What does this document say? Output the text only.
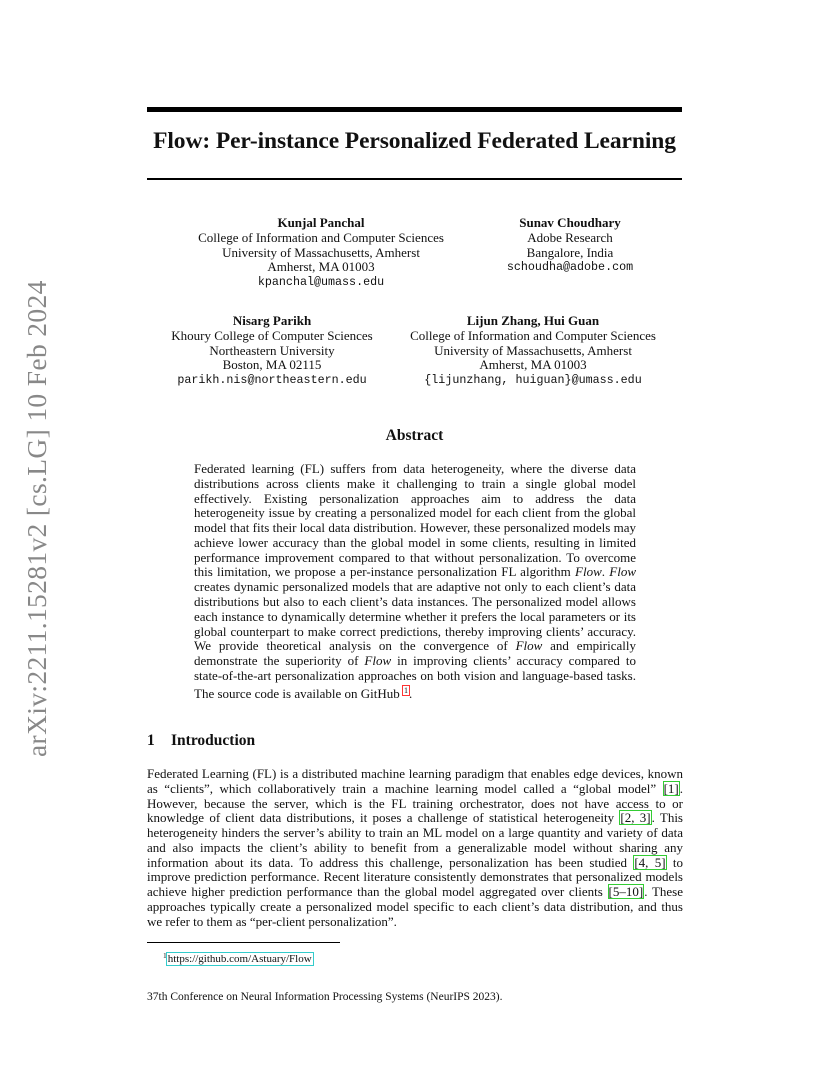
arXiv:2211.15281v2 [cs.LG] 10 Feb 2024
Flow: Per-instance Personalized Federated Learning
Kunjal Panchal
College of Information and Computer Sciences
University of Massachusetts, Amherst
Amherst, MA 01003
kpanchal@umass.edu
Sunav Choudhary
Adobe Research
Bangalore, India
schoudha@adobe.com
Nisarg Parikh
Khoury College of Computer Sciences
Northeastern University
Boston, MA 02115
parikh.nis@northeastern.edu
Lijun Zhang, Hui Guan
College of Information and Computer Sciences
University of Massachusetts, Amherst
Amherst, MA 01003
{lijunzhang, huiguan}@umass.edu
Abstract

Federated learning (FL) suffers from data heterogeneity, where the diverse data distributions across clients make it challenging to train a single global model effectively. Existing personalization approaches aim to address the data heterogeneity issue by creating a personalized model for each client from the global model that fits their local data distribution. However, these personalized models may achieve lower accuracy than the global model in some clients, resulting in limited performance improvement compared to that without personalization. To overcome this limitation, we propose a per-instance personalization FL algorithm Flow. Flow creates dynamic personalized models that are adaptive not only to each client’s data distributions but also to each client’s data instances. The personalized model allows each instance to dynamically determine whether it prefers the local parameters or its global counterpart to make correct predictions, thereby improving clients’ accuracy. We provide theoretical analysis on the convergence of Flow and empirically demonstrate the superiority of Flow in improving clients’ accuracy compared to state-of-the-art personalization approaches on both vision and language-based tasks. The source code is available on GitHub $^1$.

1 Introduction

Federated Learning (FL) is a distributed machine learning paradigm that enables edge devices, known as “clients”, which collaboratively train a machine learning model called a “global model” [1]. However, because the server, which is the FL training orchestrator, does not have access to or knowledge of client data distributions, it poses a challenge of statistical heterogeneity [2, 3]. This heterogeneity hinders the server’s ability to train an ML model on a large quantity and variety of data and also impacts the client’s ability to benefit from a generalizable model without sharing any information about its data. To address this challenge, personalization has been studied [4, 5] to improve prediction performance. Recent literature consistently demonstrates that personalized models achieve higher prediction performance than the global model aggregated over clients [5–10]. These approaches typically create a personalized model specific to each client’s data distribution, and thus we refer to them as “per-client personalization”.

$^1$https://github.com/Astuary/Flow
37th Conference on Neural Information Processing Systems (NeurIPS 2023).
